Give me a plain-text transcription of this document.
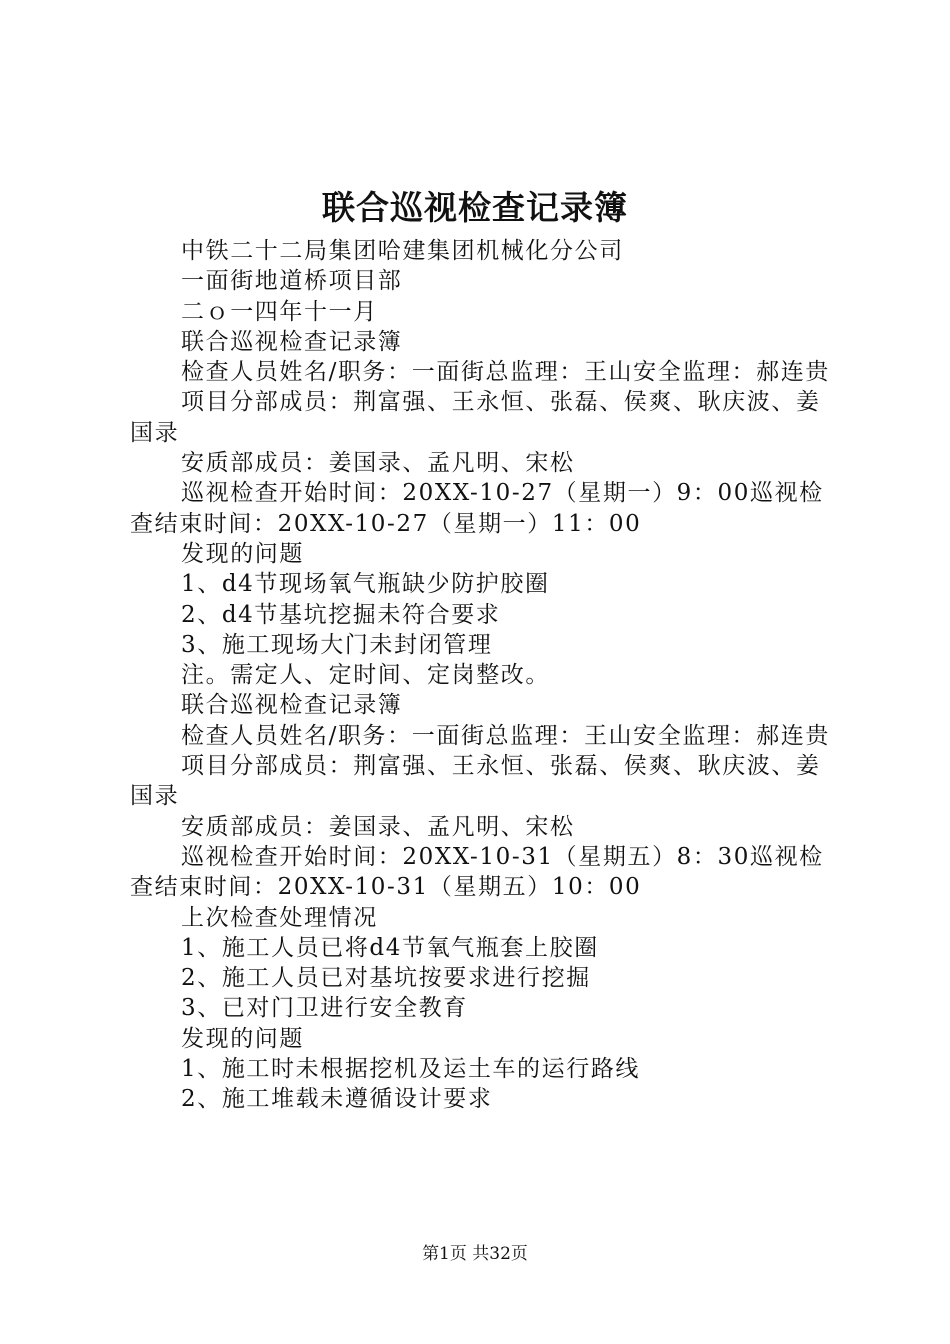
联合巡视检查记录簿

中铁二十二局集团哈建集团机械化分公司

一面街地道桥项目部

二ｏ一四年十一月

联合巡视检查记录簿

检查人员姓名/职务：一面街总监理：王山安全监理：郝连贵

项目分部成员：荆富强、王永恒、张磊、侯爽、耿庆波、姜国录

安质部成员：姜国录、孟凡明、宋松

巡视检查开始时间：20XX-10-27（星期一）9：00巡视检查结束时间：20XX-10-27（星期一）11：00

发现的问题

1、d4节现场氧气瓶缺少防护胶圈

2、d4节基坑挖掘未符合要求

3、施工现场大门未封闭管理

注。需定人、定时间、定岗整改。

联合巡视检查记录簿

检查人员姓名/职务：一面街总监理：王山安全监理：郝连贵

项目分部成员：荆富强、王永恒、张磊、侯爽、耿庆波、姜国录

安质部成员：姜国录、孟凡明、宋松

巡视检查开始时间：20XX-10-31（星期五）8：30巡视检查结束时间：20XX-10-31（星期五）10：00

上次检查处理情况

1、施工人员已将d4节氧气瓶套上胶圈

2、施工人员已对基坑按要求进行挖掘

3、已对门卫进行安全教育

发现的问题

1、施工时未根据挖机及运土车的运行路线

2、施工堆载未遵循设计要求

第1页 共32页
